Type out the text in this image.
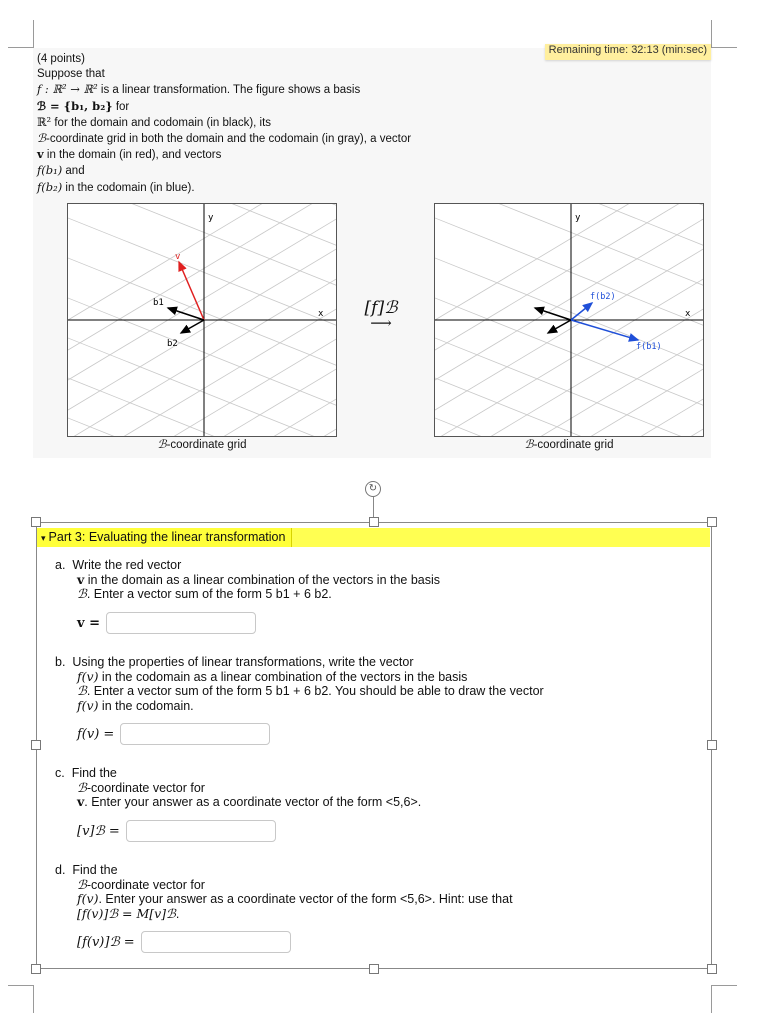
Remaining time: 32:13 (min:sec)
(4 points)
Suppose that
f : ℝ² → ℝ² is a linear transformation. The figure shows a basis
ℬ = {b₁, b₂} for
ℝ² for the domain and codomain (in black), its
ℬ-coordinate grid in both the domain and the codomain (in gray), a vector
v in the domain (in red), and vectors
f(b₁) and
f(b₂) in the codomain (in blue).
x
y
v
b1
b2
ℬ-coordinate grid
[f]ℬ
⟶	x
y
f(b1)
f(b2)
ℬ-coordinate grid
↻
▾ Part 3: Evaluating the linear transformation
a. Write the red vector
v in the domain as a linear combination of the vectors in the basis
ℬ. Enter a vector sum of the form 5 b1 + 6 b2.
v =
b. Using the properties of linear transformations, write the vector
f(v) in the codomain as a linear combination of the vectors in the basis
ℬ. Enter a vector sum of the form 5 b1 + 6 b2. You should be able to draw the vector
f(v) in the codomain.
f(v) =
c. Find the
ℬ-coordinate vector for
v. Enter your answer as a coordinate vector of the form <5,6>.
[v]ℬ =
d. Find the
ℬ-coordinate vector for
f(v). Enter your answer as a coordinate vector of the form <5,6>. Hint: use that
[f(v)]ℬ = M[v]ℬ.
[f(v)]ℬ =
